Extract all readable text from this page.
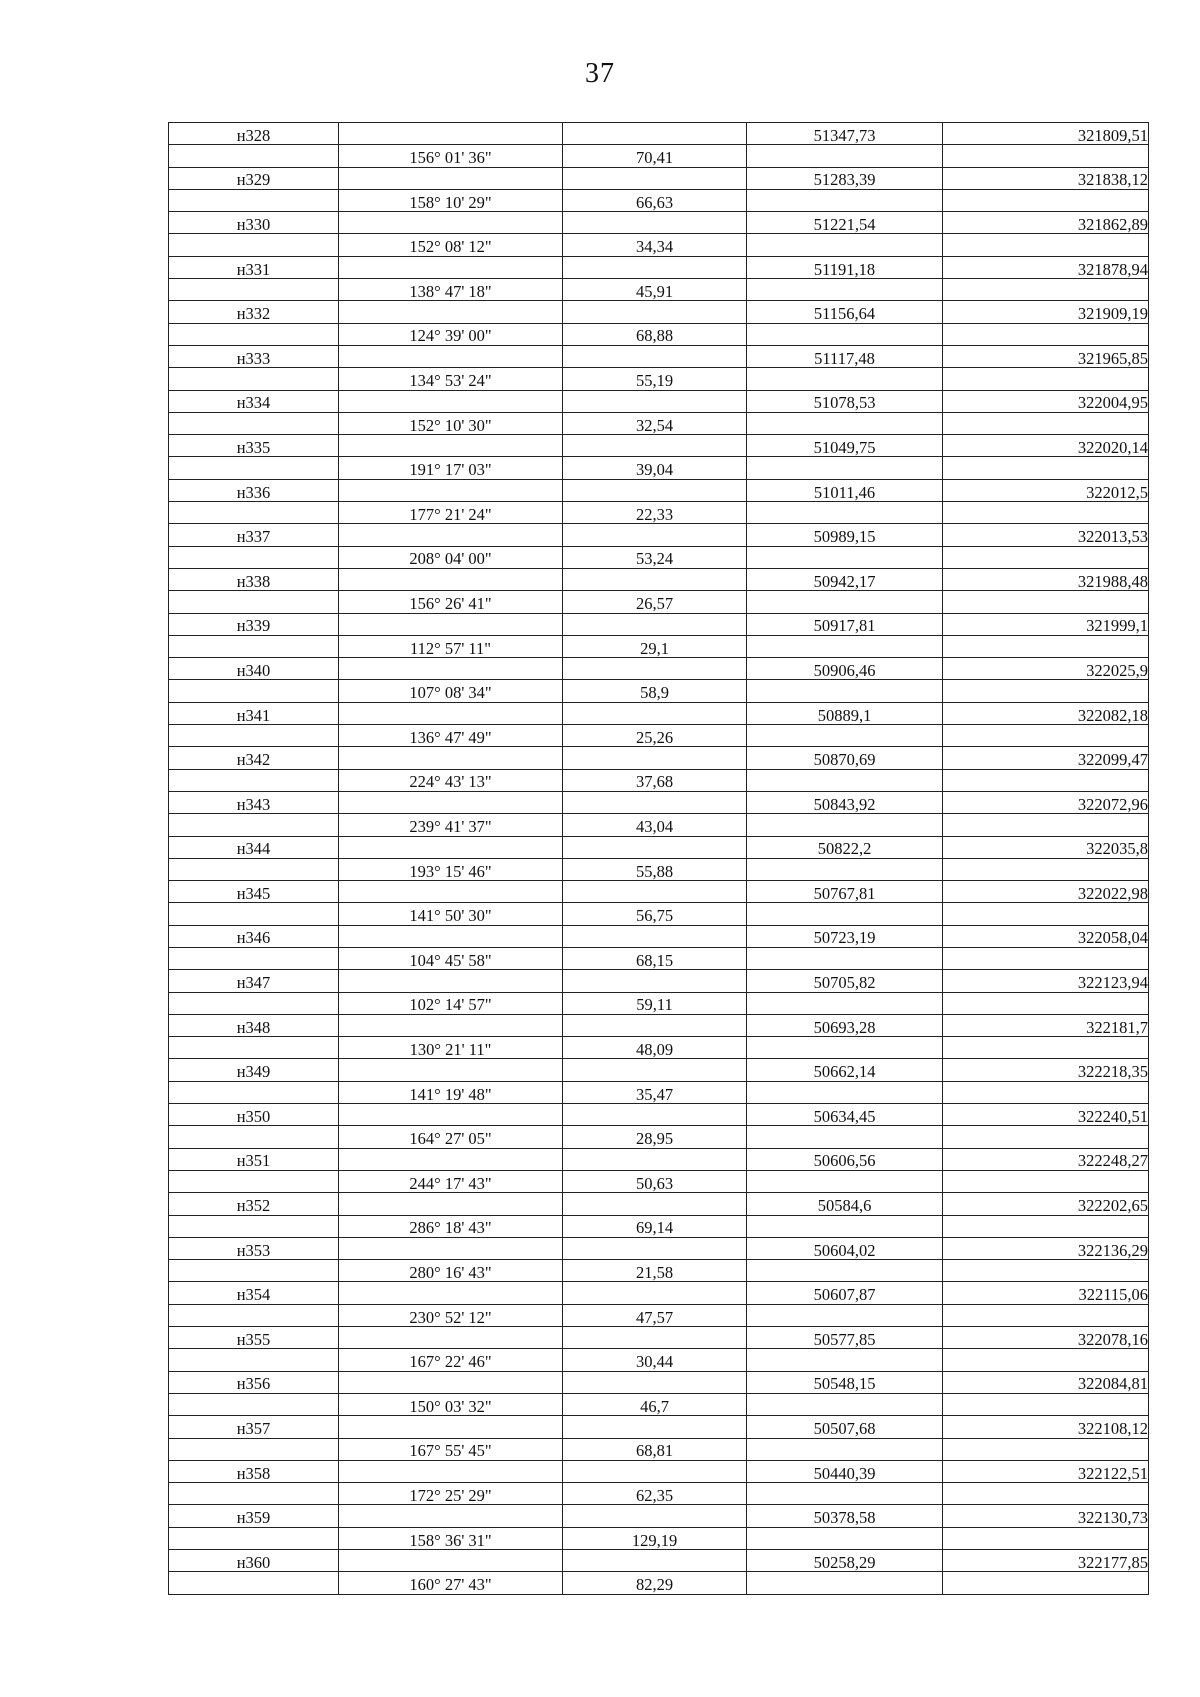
37
н328			51347,73	321809,51
	156° 01' 36"	70,41		
н329			51283,39	321838,12
	158° 10' 29"	66,63		
н330			51221,54	321862,89
	152° 08' 12"	34,34		
н331			51191,18	321878,94
	138° 47' 18"	45,91		
н332			51156,64	321909,19
	124° 39' 00"	68,88		
н333			51117,48	321965,85
	134° 53' 24"	55,19		
н334			51078,53	322004,95
	152° 10' 30"	32,54		
н335			51049,75	322020,14
	191° 17' 03"	39,04		
н336			51011,46	322012,5
	177° 21' 24"	22,33		
н337			50989,15	322013,53
	208° 04' 00"	53,24		
н338			50942,17	321988,48
	156° 26' 41"	26,57		
н339			50917,81	321999,1
	112° 57' 11"	29,1		
н340			50906,46	322025,9
	107° 08' 34"	58,9		
н341			50889,1	322082,18
	136° 47' 49"	25,26		
н342			50870,69	322099,47
	224° 43' 13"	37,68		
н343			50843,92	322072,96
	239° 41' 37"	43,04		
н344			50822,2	322035,8
	193° 15' 46"	55,88		
н345			50767,81	322022,98
	141° 50' 30"	56,75		
н346			50723,19	322058,04
	104° 45' 58"	68,15		
н347			50705,82	322123,94
	102° 14' 57"	59,11		
н348			50693,28	322181,7
	130° 21' 11"	48,09		
н349			50662,14	322218,35
	141° 19' 48"	35,47		
н350			50634,45	322240,51
	164° 27' 05"	28,95		
н351			50606,56	322248,27
	244° 17' 43"	50,63		
н352			50584,6	322202,65
	286° 18' 43"	69,14		
н353			50604,02	322136,29
	280° 16' 43"	21,58		
н354			50607,87	322115,06
	230° 52' 12"	47,57		
н355			50577,85	322078,16
	167° 22' 46"	30,44		
н356			50548,15	322084,81
	150° 03' 32"	46,7		
н357			50507,68	322108,12
	167° 55' 45"	68,81		
н358			50440,39	322122,51
	172° 25' 29"	62,35		
н359			50378,58	322130,73
	158° 36' 31"	129,19		
н360			50258,29	322177,85
	160° 27' 43"	82,29		
